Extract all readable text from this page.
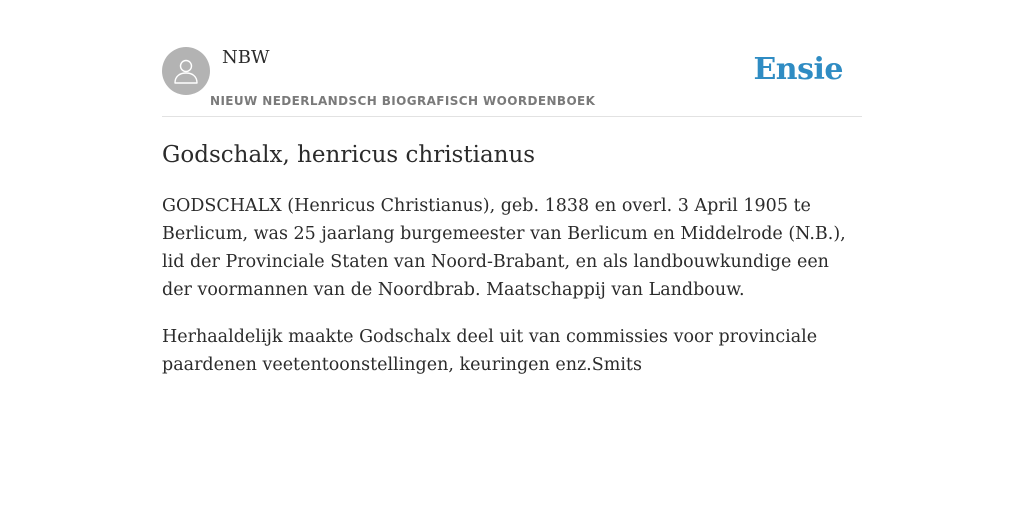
NBW
NIEUW NEDERLANDSCH BIOGRAFISCH WOORDENBOEK
Ensie
Godschalx, henricus christianus

GODSCHALX (Henricus Christianus), geb. 1838 en overl. 3 April 1905 te Berlicum, was 25 jaarlang burgemeester van Berlicum en Middelrode (N.B.), lid der Provinciale Staten van Noord-Brabant, en als landbouwkundige een der voormannen van de Noordbrab. Maatschappij van Landbouw.

Herhaaldelijk maakte Godschalx deel uit van commissies voor provinciale paardenen veetentoonstellingen, keuringen enz.Smits
